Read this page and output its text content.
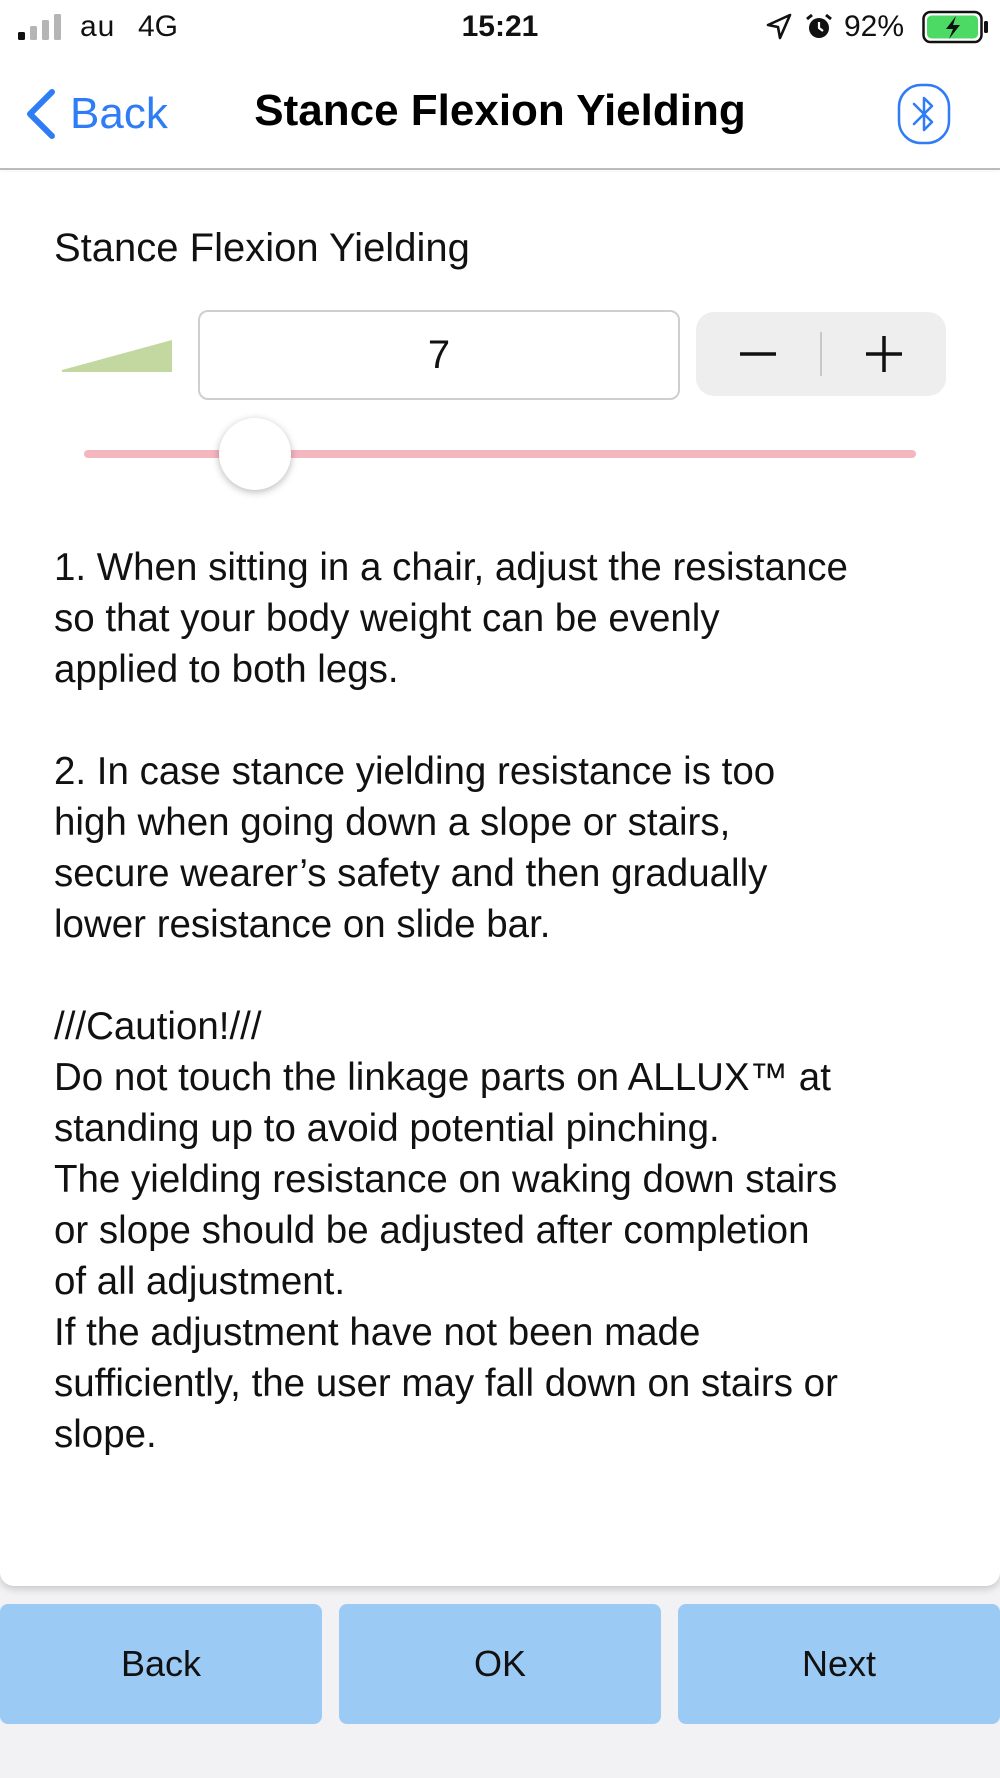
au 4G	15:21	92%
Back	Stance Flexion Yielding
Stance Flexion Yielding
7

1. When sitting in a chair, adjust the resistance

so that your body weight can be evenly

applied to both legs.

2. In case stance yielding resistance is too

high when going down a slope or stairs,

secure wearer’s safety and then gradually

lower resistance on slide bar.

///Caution!///

Do not touch the linkage parts on ALLUX™ at

standing up to avoid potential pinching.

The yielding resistance on waking down stairs

or slope should be adjusted after completion

of all adjustment.

If the adjustment have not been made

sufficiently, the user may fall down on stairs or

slope.

Back	OK	Next
